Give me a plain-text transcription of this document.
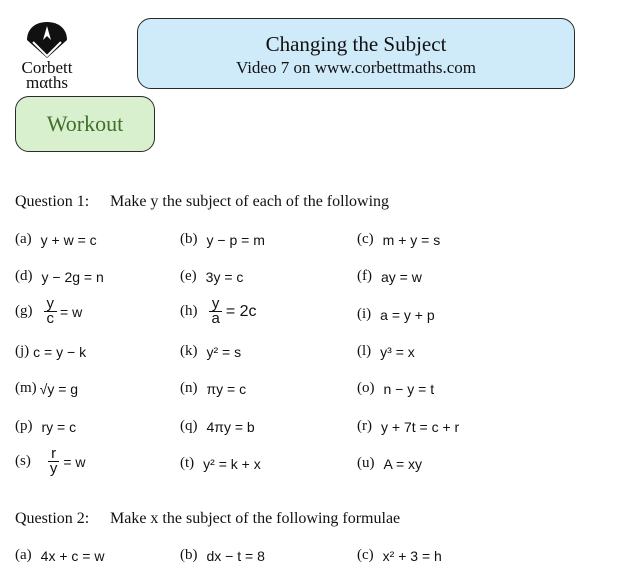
Corbett
mαths
Changing the Subject
Video 7 on www.corbettmaths.com
Workout
Question 1: Make y the subject of each of the following
(a) y + w = c	(b) y − p = m	(c) m + y = s
(d) y − 2g = n	(e) 3y = c	(f) ay = w
$(g) \frac{y}{c} = w$	$(h) \frac{y}{a} = 2c$	(i) a = y + p
(j) c = y − k	(k) y² = s	(l) y³ = x
(m) √y = g	(n) πy = c	(o) n − y = t
(p) ry = c	(q) 4πy = b	(r) y + 7t = c + r
$(s) \frac{r}{y} = w$	(t) y² = k + x	(u) A = xy
Question 2: Make x the subject of the following formulae
(a) 4x + c = w	(b) dx − t = 8	(c) x² + 3 = h
